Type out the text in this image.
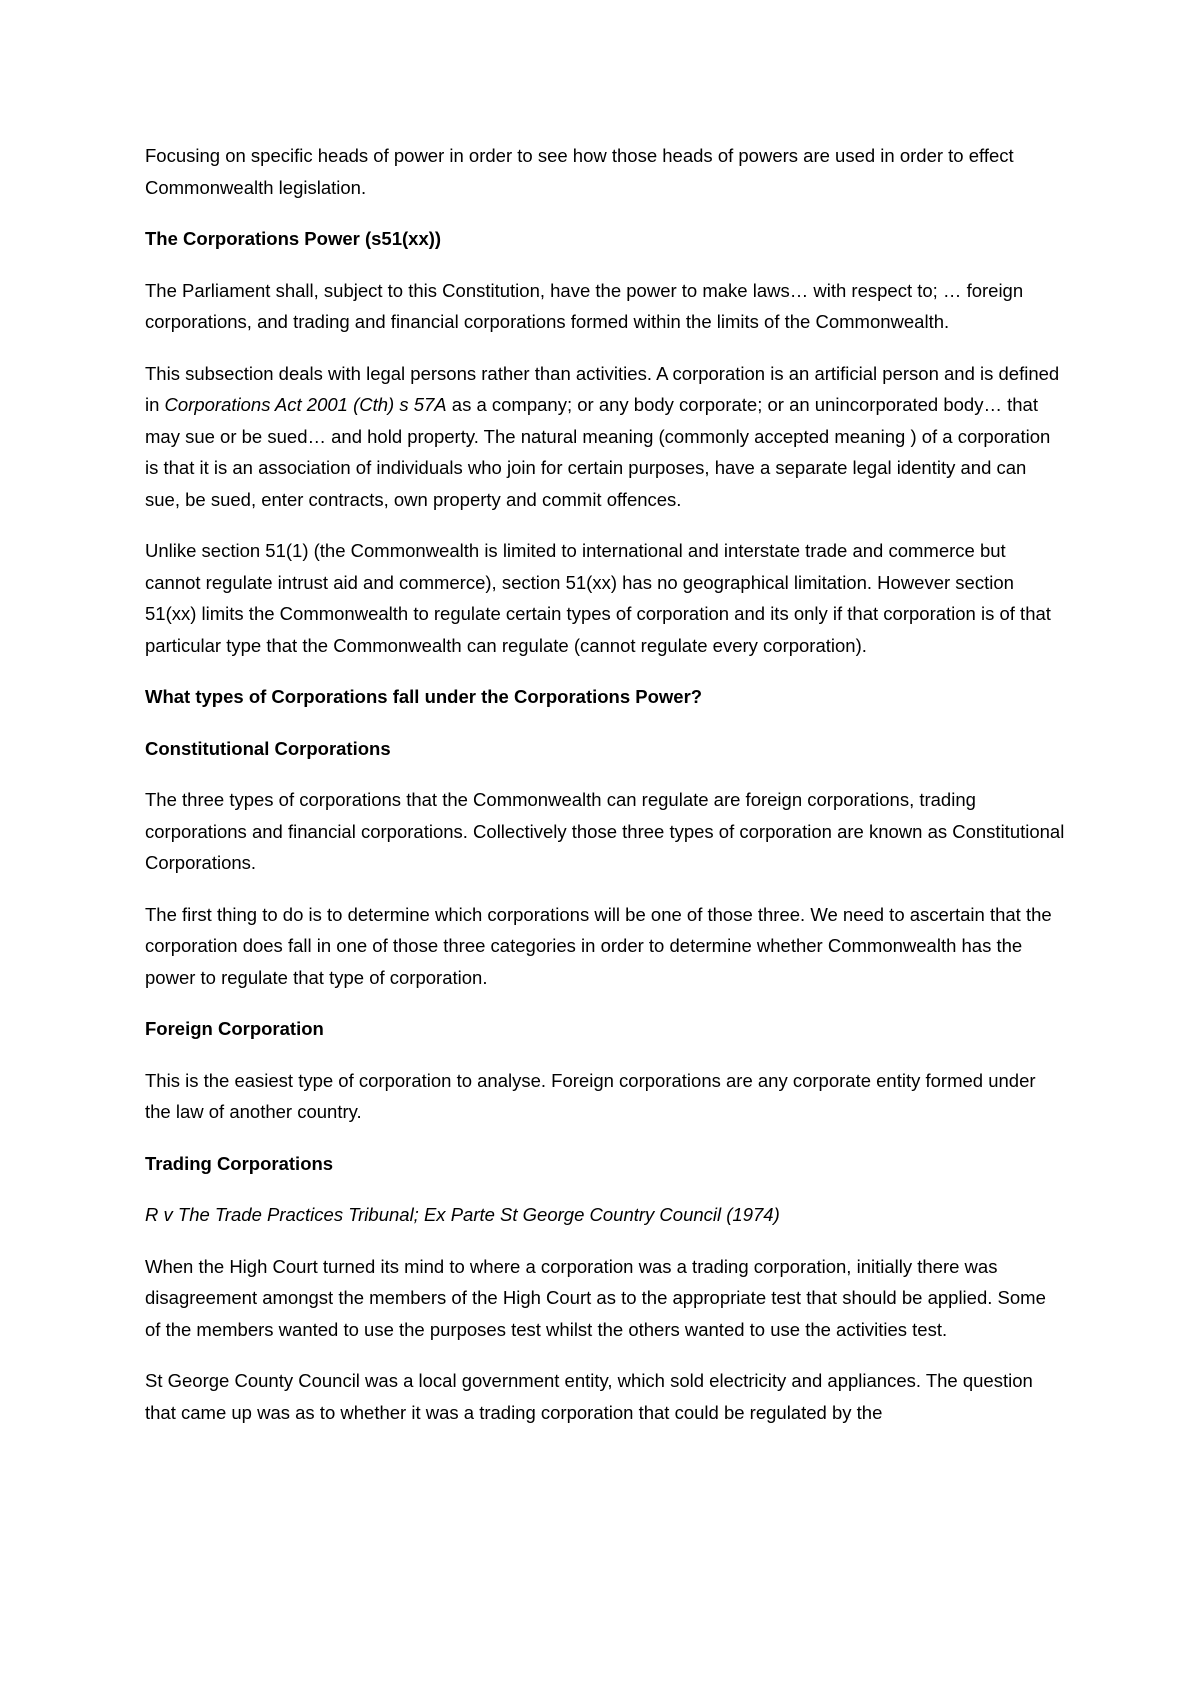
Focusing on specific heads of power in order to see how those heads of powers are used in order to effect Commonwealth legislation.

The Corporations Power (s51(xx))

The Parliament shall, subject to this Constitution, have the power to make laws… with respect to; … foreign corporations, and trading and financial corporations formed within the limits of the Commonwealth.

This subsection deals with legal persons rather than activities. A corporation is an artificial person and is defined in Corporations Act 2001 (Cth) s 57A as a company; or any body corporate; or an unincorporated body… that may sue or be sued… and hold property. The natural meaning (commonly accepted meaning ) of a corporation is that it is an association of individuals who join for certain purposes, have a separate legal identity and can sue, be sued, enter contracts, own property and commit offences.

Unlike section 51(1) (the Commonwealth is limited to international and interstate trade and commerce but cannot regulate intrust aid and commerce), section 51(xx) has no geographical limitation. However section 51(xx) limits the Commonwealth to regulate certain types of corporation and its only if that corporation is of that particular type that the Commonwealth can regulate (cannot regulate every corporation).

What types of Corporations fall under the Corporations Power?

Constitutional Corporations

The three types of corporations that the Commonwealth can regulate are foreign corporations, trading corporations and financial corporations. Collectively those three types of corporation are known as Constitutional Corporations.

The first thing to do is to determine which corporations will be one of those three. We need to ascertain that the corporation does fall in one of those three categories in order to determine whether Commonwealth has the power to regulate that type of corporation.

Foreign Corporation

This is the easiest type of corporation to analyse. Foreign corporations are any corporate entity formed under the law of another country.

Trading Corporations

R v The Trade Practices Tribunal; Ex Parte St George Country Council (1974)

When the High Court turned its mind to where a corporation was a trading corporation, initially there was disagreement amongst the members of the High Court as to the appropriate test that should be applied. Some of the members wanted to use the purposes test whilst the others wanted to use the activities test.

St George County Council was a local government entity, which sold electricity and appliances. The question that came up was as to whether it was a trading corporation that could be regulated by the
